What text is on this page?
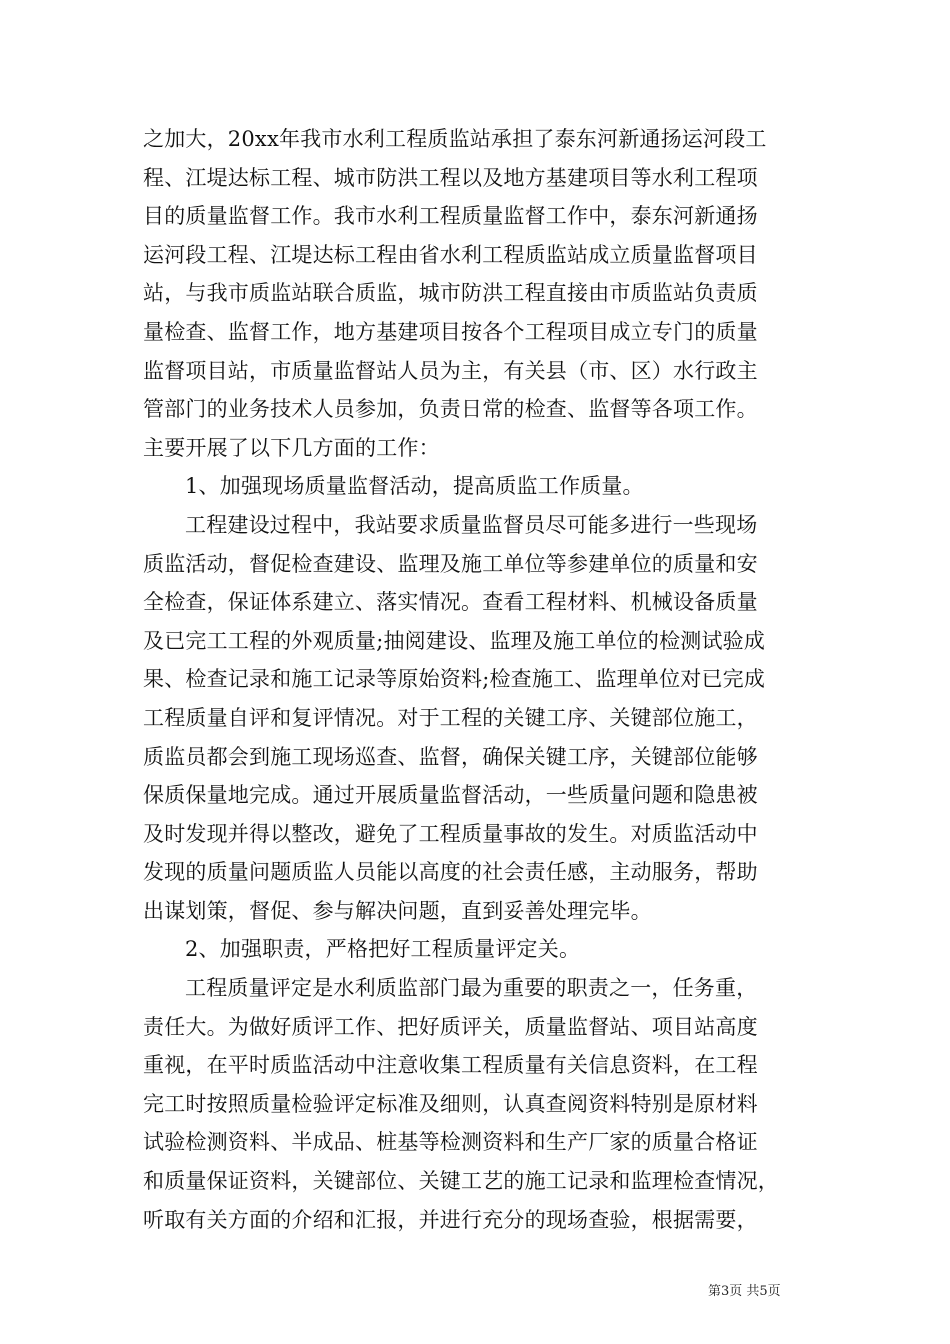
之加大，20xx年我市水利工程质监站承担了泰东河新通扬运河段工
程、江堤达标工程、城市防洪工程以及地方基建项目等水利工程项
目的质量监督工作。我市水利工程质量监督工作中，泰东河新通扬
运河段工程、江堤达标工程由省水利工程质监站成立质量监督项目
站，与我市质监站联合质监，城市防洪工程直接由市质监站负责质
量检查、监督工作，地方基建项目按各个工程项目成立专门的质量
监督项目站，市质量监督站人员为主，有关县（市、区）水行政主
管部门的业务技术人员参加，负责日常的检查、监督等各项工作。
主要开展了以下几方面的工作：
1、加强现场质量监督活动，提高质监工作质量。
工程建设过程中，我站要求质量监督员尽可能多进行一些现场
质监活动，督促检查建设、监理及施工单位等参建单位的质量和安
全检查，保证体系建立、落实情况。查看工程材料、机械设备质量
及已完工工程的外观质量;抽阅建设、监理及施工单位的检测试验成
果、检查记录和施工记录等原始资料;检查施工、监理单位对已完成
工程质量自评和复评情况。对于工程的关键工序、关键部位施工，
质监员都会到施工现场巡查、监督，确保关键工序，关键部位能够
保质保量地完成。通过开展质量监督活动，一些质量问题和隐患被
及时发现并得以整改，避免了工程质量事故的发生。对质监活动中
发现的质量问题质监人员能以高度的社会责任感，主动服务，帮助
出谋划策，督促、参与解决问题，直到妥善处理完毕。
2、加强职责，严格把好工程质量评定关。
工程质量评定是水利质监部门最为重要的职责之一，任务重，
责任大。为做好质评工作、把好质评关，质量监督站、项目站高度
重视，在平时质监活动中注意收集工程质量有关信息资料，在工程
完工时按照质量检验评定标准及细则，认真查阅资料特别是原材料
试验检测资料、半成品、桩基等检测资料和生产厂家的质量合格证
和质量保证资料，关键部位、关键工艺的施工记录和监理检查情况，
听取有关方面的介绍和汇报，并进行充分的现场查验，根据需要，
第3页 共5页
